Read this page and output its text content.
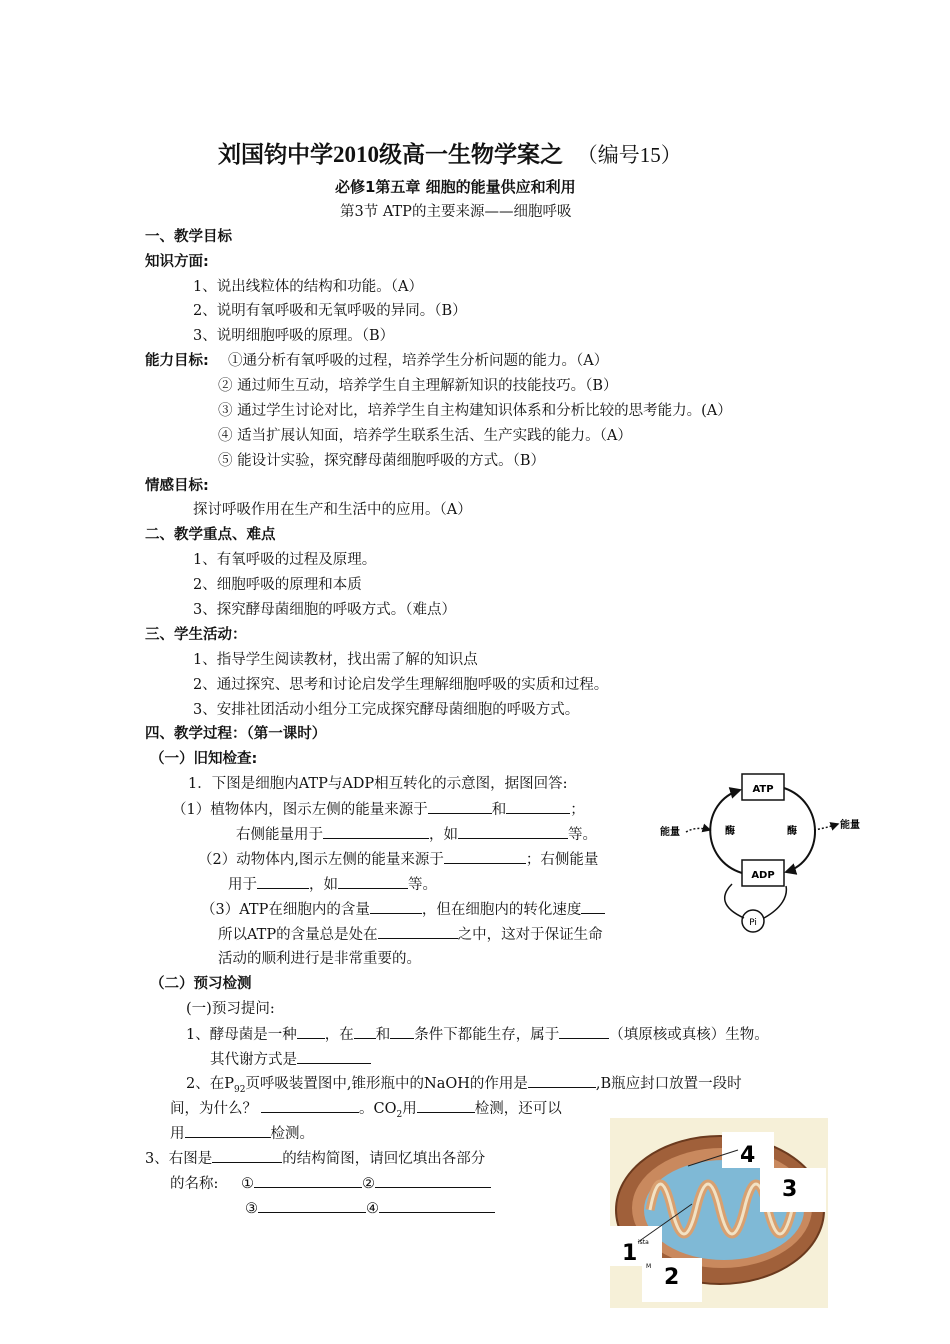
刘国钧中学2010级高一生物学案之 （编号15）
必修1第五章 细胞的能量供应和利用
第3节 ATP的主要来源——细胞呼吸
一、教学目标
知识方面:
1、说出线粒体的结构和功能。（A）
2、说明有氧呼吸和无氧呼吸的异同。（B）
3、说明细胞呼吸的原理。（B）
能力目标: ①通分析有氧呼吸的过程，培养学生分析问题的能力。（A）
② 通过师生互动，培养学生自主理解新知识的技能技巧。（B）
③ 通过学生讨论对比，培养学生自主构建知识体系和分析比较的思考能力。(A）
④ 适当扩展认知面，培养学生联系生活、生产实践的能力。（A）
⑤ 能设计实验，探究酵母菌细胞呼吸的方式。（B）
情感目标:
探讨呼吸作用在生产和生活中的应用。（A）
二、教学重点、难点
1、有氧呼吸的过程及原理。
2、细胞呼吸的原理和本质
3、探究酵母菌细胞的呼吸方式。（难点）
三、学生活动：
1、指导学生阅读教材，找出需了解的知识点
2、通过探究、思考和讨论启发学生理解细胞呼吸的实质和过程。
3、安排社团活动小组分工完成探究酵母菌细胞的呼吸方式。
四、教学过程：（第一课时）
（一）旧知检查:
1．下图是细胞内ATP与ADP相互转化的示意图，据图回答:
（1）植物体内，图示左侧的能量来源于	和	；
右侧能量用于	，如	等。
（2）动物体内,图示左侧的能量来源于	；右侧能量
用于	，如	等。
（3）ATP在细胞内的含量	，但在细胞内的转化速度
所以ATP的含量总是处在	之中，这对于保证生命
活动的顺利进行是非常重要的。
ATP
ADP
Pi
能量
能量
酶	酶
（二）预习检测
(一)预习提问:
1、酵母菌是一种 ，在 和 条件下都能生存，属于	（填原核或真核）生物。
其代谢方式是
2、在$P_{92}$页呼吸装置图中,锥形瓶中的NaOH的作用是	,B瓶应封口放置一段时
间，为什么？	。$CO_2$用	检测，还可以
用	检测。
3、右图是	的结构简图，请回忆填出各部分
的名称: ①	②
③	④
4
3
1
2
ista
M
